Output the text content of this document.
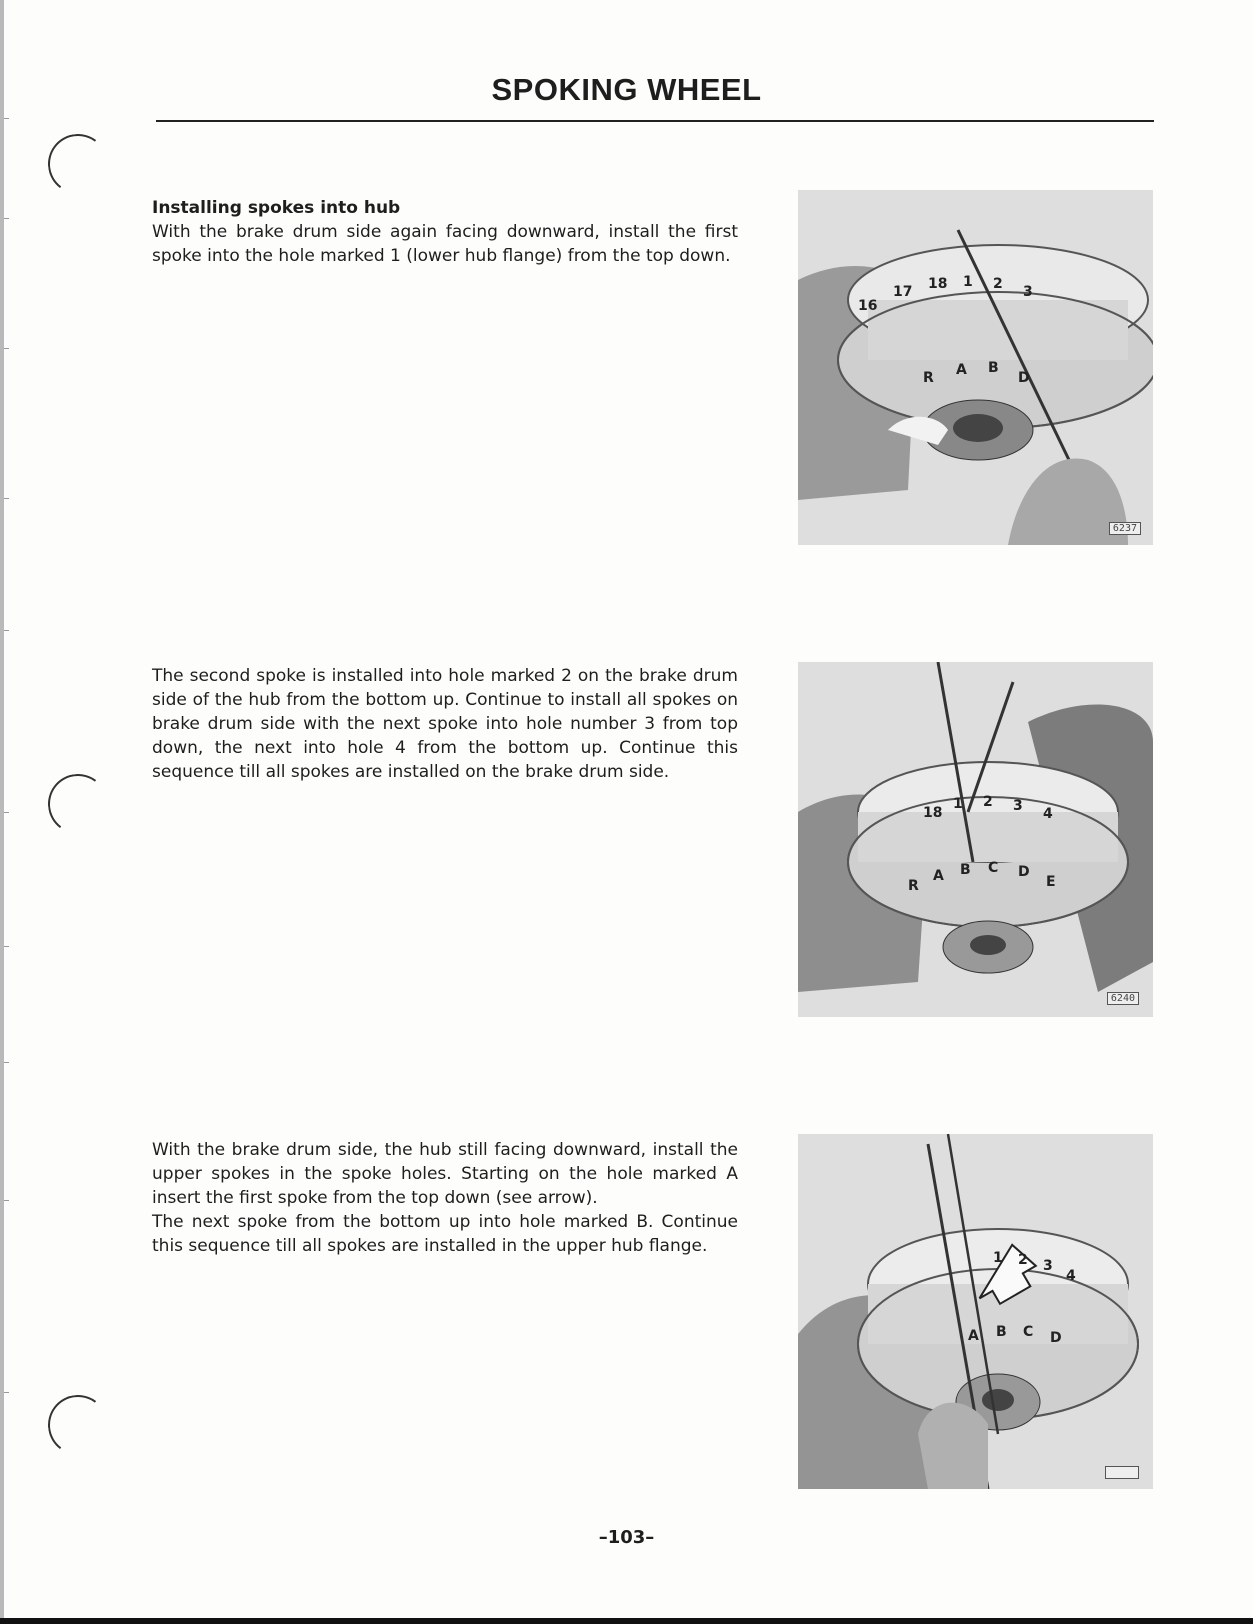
SPOKING WHEEL

Installing spokes into hub

With the brake drum side again facing downward, install the first spoke into the hole marked 1 (lower hub flange) from the top down.

16
17 18 1 2 3
R A B
D
6237

The second spoke is installed into hole marked 2 on the brake drum side of the hub from the bottom up. Continue to install all spokes on brake drum side with the next spoke into hole number 3 from top down, the next into hole 4 from the bottom up. Continue this sequence till all spokes are installed on the brake drum side.

18
1 2 3 4
R
A B C D
E
6240

With the brake drum side, the hub still facing downward, install the upper spokes in the spoke holes. Starting on the hole marked A insert the first spoke from the top down (see arrow).

The next spoke from the bottom up into hole marked B. Continue this sequence till all spokes are installed in the upper hub flange.

1 2 3
4
A B C D
–103–
